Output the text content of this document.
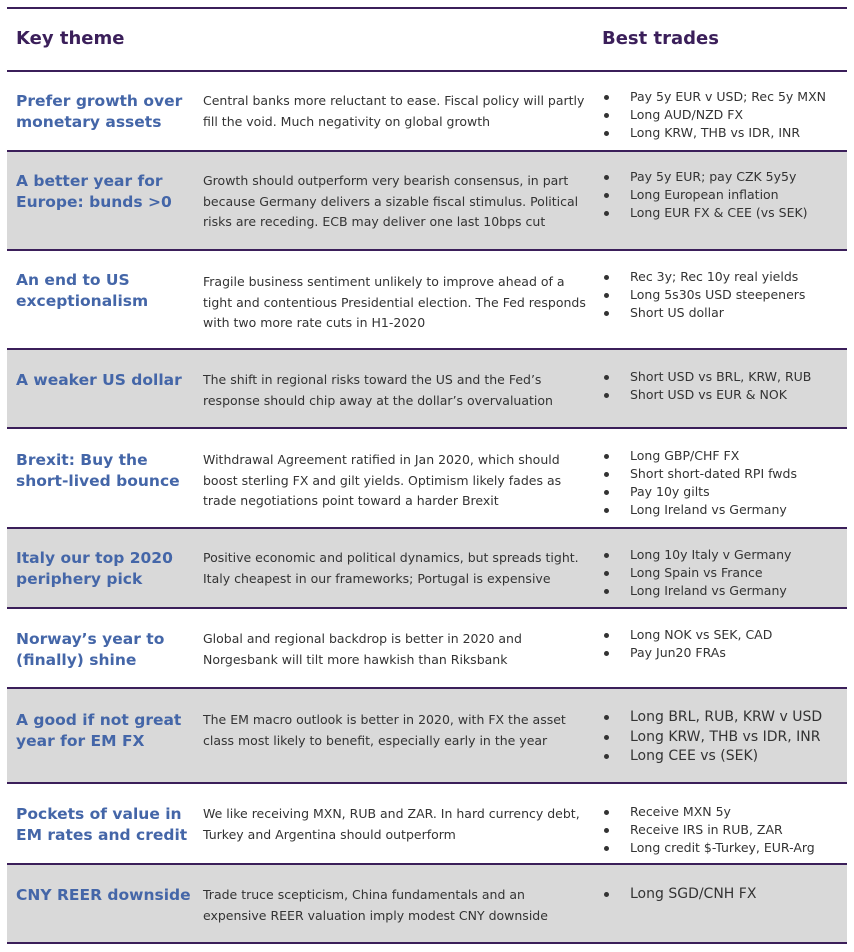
Key theme	Best trades
Prefer growth over monetary assets
Central banks more reluctant to ease. Fiscal policy will partly fill the void. Much negativity on global growth
Pay 5y EUR v USD; Rec 5y MXN
Long AUD/NZD FX
Long KRW, THB vs IDR, INR
A better year for Europe: bunds >0
Growth should outperform very bearish consensus, in part because Germany delivers a sizable fiscal stimulus. Political risks are receding. ECB may deliver one last 10bps cut
Pay 5y EUR; pay CZK 5y5y
Long European inflation
Long EUR FX & CEE (vs SEK)
An end to US exceptionalism
Fragile business sentiment unlikely to improve ahead of a tight and contentious Presidential election. The Fed responds with two more rate cuts in H1-2020
Rec 3y; Rec 10y real yields
Long 5s30s USD steepeners
Short US dollar
A weaker US dollar	The shift in regional risks toward the US and the Fed’s response should chip away at the dollar’s overvaluation
Short USD vs BRL, KRW, RUB
Short USD vs EUR & NOK
Brexit: Buy the short-lived bounce
Withdrawal Agreement ratified in Jan 2020, which should boost sterling FX and gilt yields. Optimism likely fades as trade negotiations point toward a harder Brexit
Long GBP/CHF FX
Short short-dated RPI fwds
Pay 10y gilts
Long Ireland vs Germany
Italy our top 2020 periphery pick
Positive economic and political dynamics, but spreads tight. Italy cheapest in our frameworks; Portugal is expensive
Long 10y Italy v Germany
Long Spain vs France
Long Ireland vs Germany
Norway’s year to (finally) shine
Global and regional backdrop is better in 2020 and Norgesbank will tilt more hawkish than Riksbank
Long NOK vs SEK, CAD
Pay Jun20 FRAs
A good if not great year for EM FX
The EM macro outlook is better in 2020, with FX the asset class most likely to benefit, especially early in the year
Long BRL, RUB, KRW v USD
Long KRW, THB vs IDR, INR
Long CEE vs (SEK)
Pockets of value in EM rates and credit
We like receiving MXN, RUB and ZAR. In hard currency debt, Turkey and Argentina should outperform
Receive MXN 5y
Receive IRS in RUB, ZAR
Long credit $-Turkey, EUR-Arg
CNY REER downside Trade truce scepticism, China fundamentals and an expensive REER valuation imply modest CNY downside
Long SGD/CNH FX
